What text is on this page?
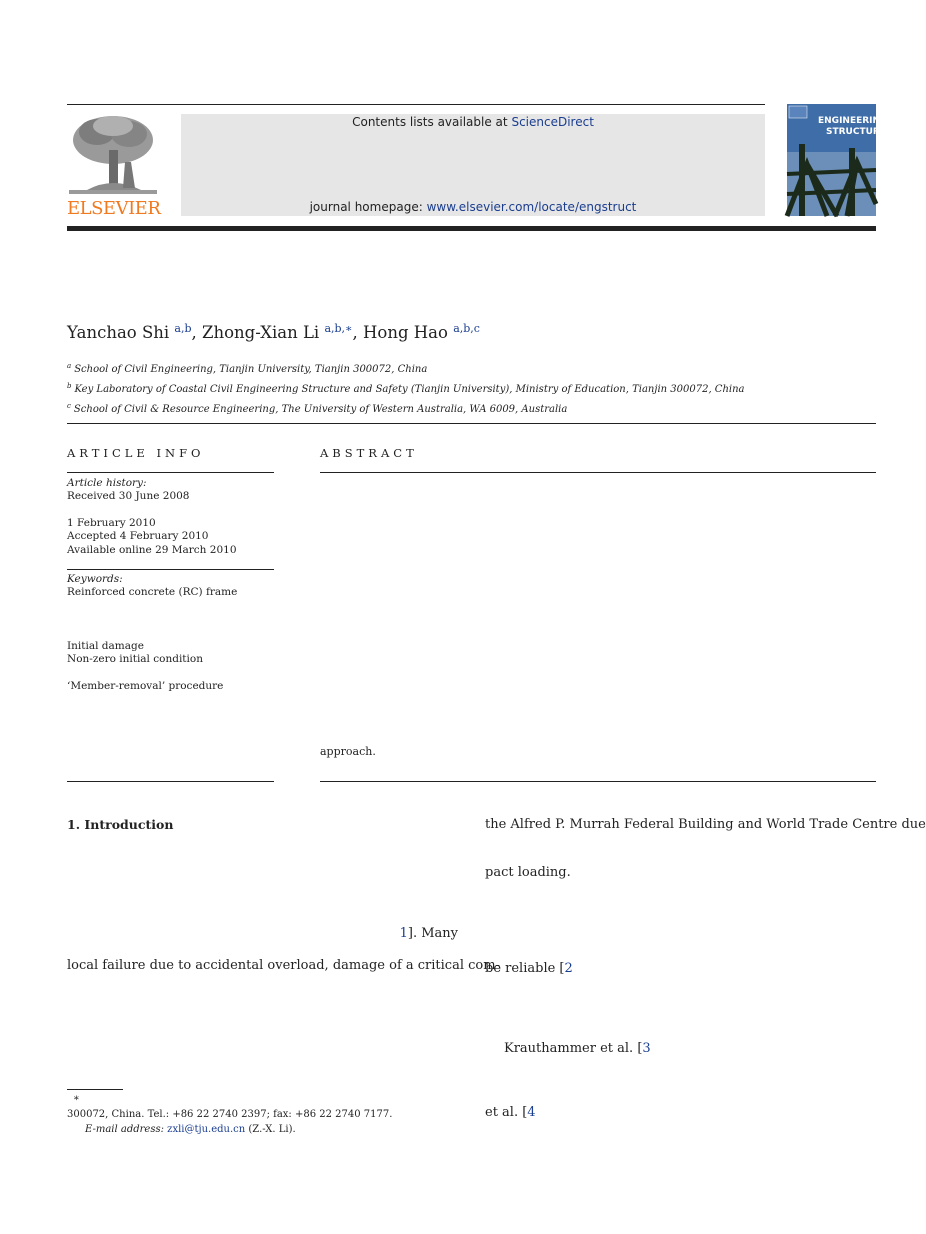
ELSEVIER
Contents lists available at ScienceDirect
journal homepage: www.elsevier.com/locate/engstruct
ENGINEERING
STRUCTURES
Yanchao Shi $^{a,b}$, Zhong-Xian Li $^{a,b,∗}$, Hong Hao $^{a,b,c}$
$^a$ School of Civil Engineering, Tianjin University, Tianjin 300072, China
$^b$ Key Laboratory of Coastal Civil Engineering Structure and Safety (Tianjin University), Ministry of Education, Tianjin 300072, China
$^c$ School of Civil & Resource Engineering, The University of Western Australia, WA 6009, Australia
ARTICLE INFO
Article history:
Received 30 June 2008
1 February 2010
Accepted 4 February 2010
Available online 29 March 2010
Keywords:
Reinforced concrete (RC) frame
Initial damage
Non-zero initial condition
‘Member-removal’ procedure
ABSTRACT
approach.
1. Introduction
1]. Many
local failure due to accidental overload, damage of a critical com-
the Alfred P. Murrah Federal Building and World Trade Centre due
pact loading.
be reliable [2
Krauthammer et al. [3
et al. [4
∗
300072, China. Tel.: +86 22 2740 2397; fax: +86 22 2740 7177.
E-mail address: zxli@tju.edu.cn (Z.-X. Li).
